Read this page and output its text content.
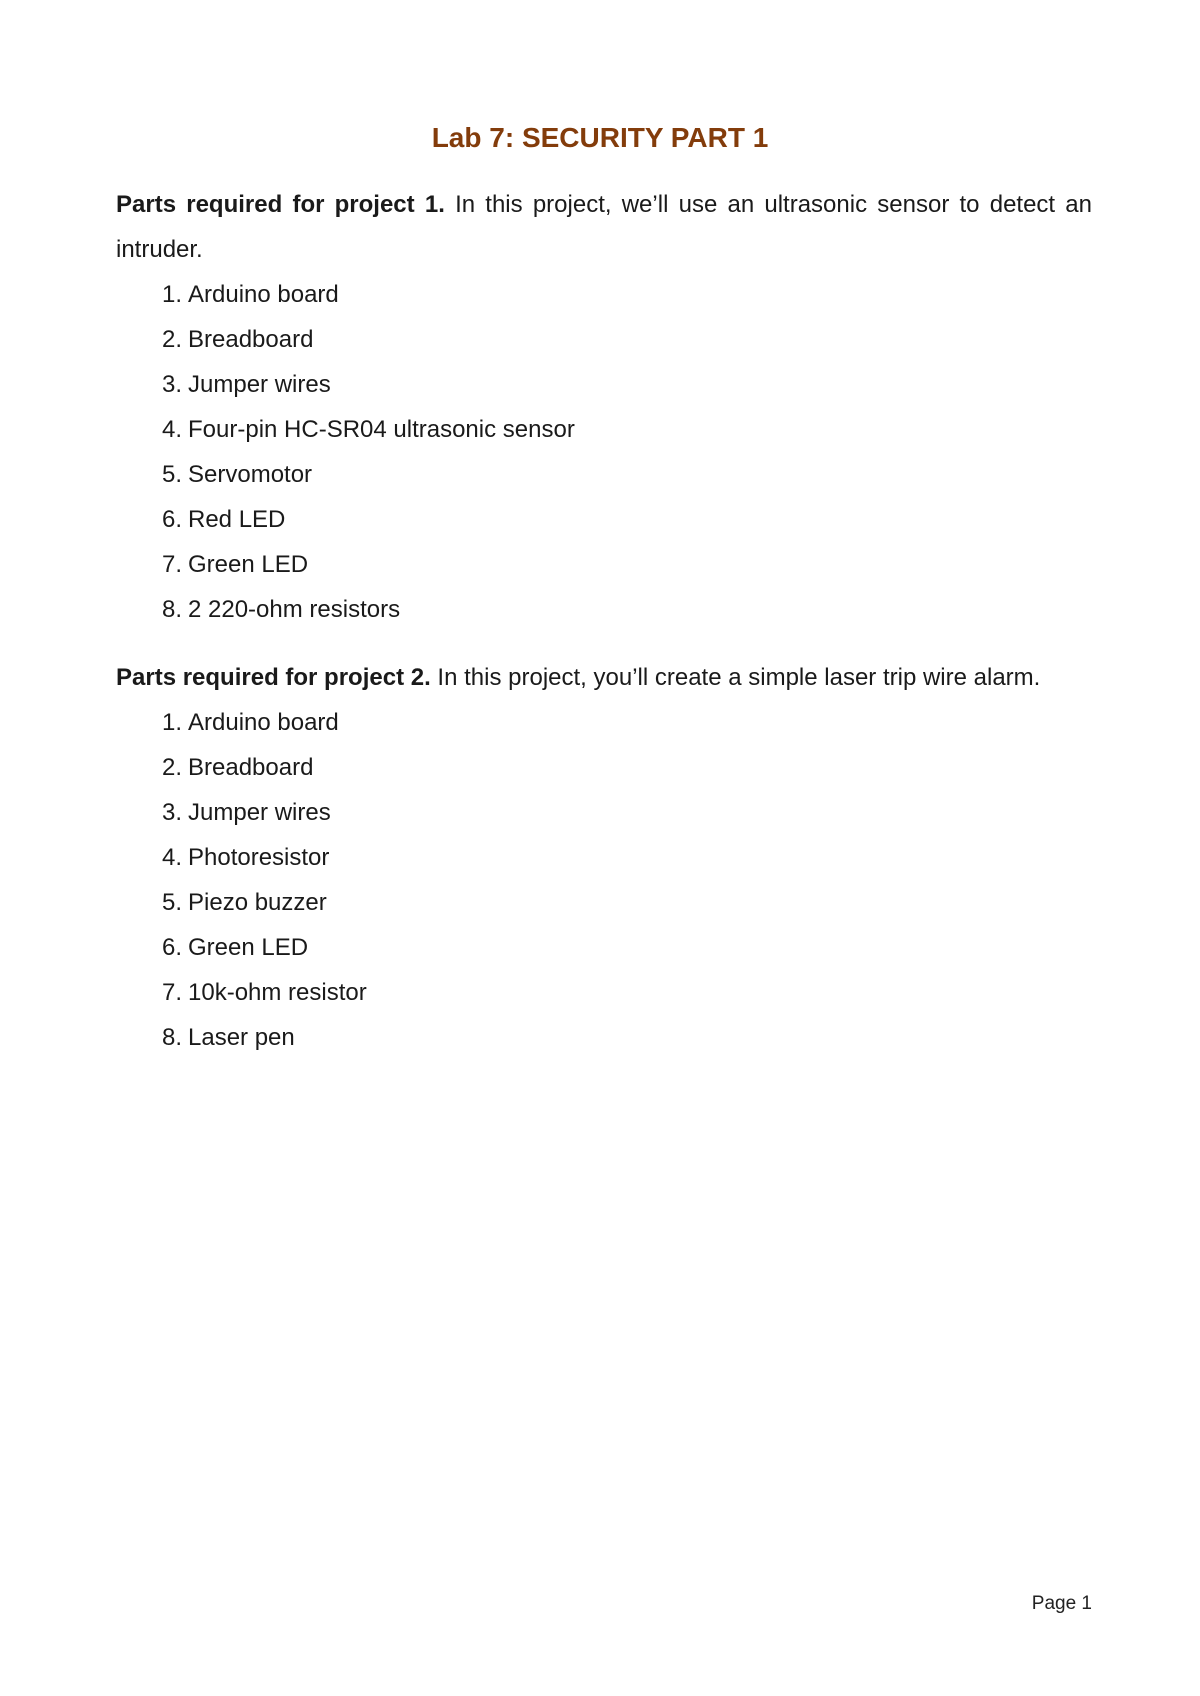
Lab 7: SECURITY PART 1

Parts required for project 1. In this project, we’ll use an ultrasonic sensor to detect an intruder.

1. Arduino board
2. Breadboard
3. Jumper wires
4. Four-pin HC-SR04 ultrasonic sensor
5. Servomotor
6. Red LED
7. Green LED
8. 2 220-ohm resistors

Parts required for project 2. In this project, you’ll create a simple laser trip wire alarm.

1. Arduino board
2. Breadboard
3. Jumper wires
4. Photoresistor
5. Piezo buzzer
6. Green LED
7. 10k-ohm resistor
8. Laser pen
Page 1
